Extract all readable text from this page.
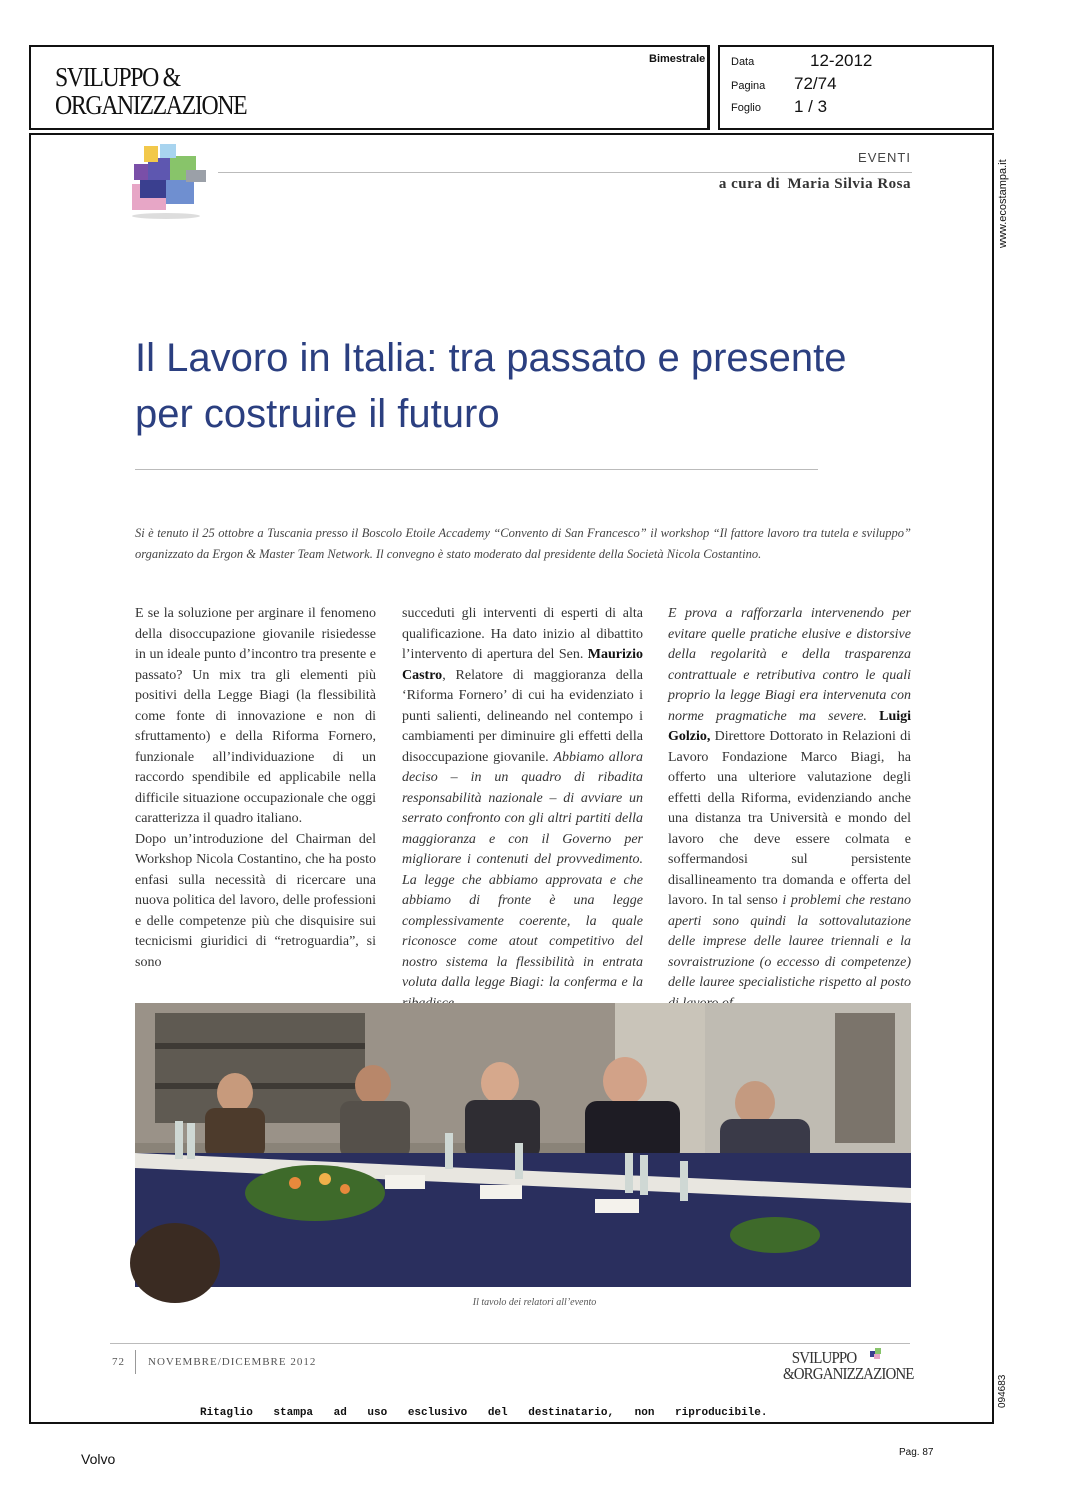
SVILUPPO &
ORGANIZZAZIONE
Bimestrale Data	12-2012
Pagina 72/74
Foglio 1 / 3
www.ecostampa.it
094683
EVENTI
a cura di Maria Silvia Rosa
Il Lavoro in Italia: tra passato e presente
per costruire il futuro
Si è tenuto il 25 ottobre a Tuscania presso il Boscolo Etoile Accademy “Convento di San Francesco” il workshop “Il fattore lavoro tra tutela e sviluppo” organizzato da Ergon & Master Team Network. Il convegno è stato moderato dal presidente della Società Nicola Costantino.

E se la soluzione per arginare il fenomeno della disoccupazione giovanile risiedesse in un ideale punto d’incontro tra presente e passato? Un mix tra gli elementi più positivi della Legge Biagi (la flessibilità come fonte di innovazione e non di sfruttamento) e della Riforma Fornero, funzionale all’individuazione di un raccordo spendibile ed applicabile nella difficile situazione occupazionale che oggi caratterizza il quadro italiano.

Dopo un’introduzione del Chairman del Workshop Nicola Costantino, che ha posto enfasi sulla necessità di ricercare una nuova politica del lavoro, delle professioni e delle competenze più che disquisire sui tecnicismi giuridici di “retroguardia”, si sono

succeduti gli interventi di esperti di alta qualificazione. Ha dato inizio al dibattito l’intervento di apertura del Sen. Maurizio Castro, Relatore di maggioranza della ‘Riforma Fornero’ di cui ha evidenziato i punti salienti, delineando nel contempo i cambiamenti per diminuire gli effetti della disoccupazione giovanile. Abbiamo allora deciso – in un quadro di ribadita responsabilità nazionale – di avviare un serrato confronto con gli altri partiti della maggioranza e con il Governo per migliorare i contenuti del provvedimento. La legge che abbiamo approvata e che abbiamo di fronte è una legge complessivamente coerente, la quale riconosce come atout competitivo del nostro sistema la flessibilità in entrata voluta dalla legge Biagi: la conferma e la

E prova a rafforzarla intervenendo per evitare quelle pratiche elusive e distorsive della regolarità e della trasparenza contrattuale e retributiva contro le quali proprio la legge Biagi era intervenuta con norme pragmatiche ma severe. Luigi Golzio, Direttore Dottorato in Relazioni di Lavoro Fondazione Marco Biagi, ha offerto una ulteriore valutazione degli effetti della Riforma, evidenziando anche una distanza tra Università e mondo del lavoro che deve essere colmata e soffermandosi sul persistente disallineamento tra domanda e offerta del lavoro. In tal senso i problemi che restano aperti sono quindi la sottovalutazione delle imprese delle lauree triennali e la sovraistruzione (o eccesso di competenze) delle lauree specialistiche rispetto al posto

Il tavolo dei relatori all’evento
72 NOVEMBRE/DICEMBRE 2012	SVILUPPO
&ORGANIZZAZIONE
Ritaglio stampa ad uso esclusivo del destinatario, non riproducibile.
Volvo	Pag. 87
